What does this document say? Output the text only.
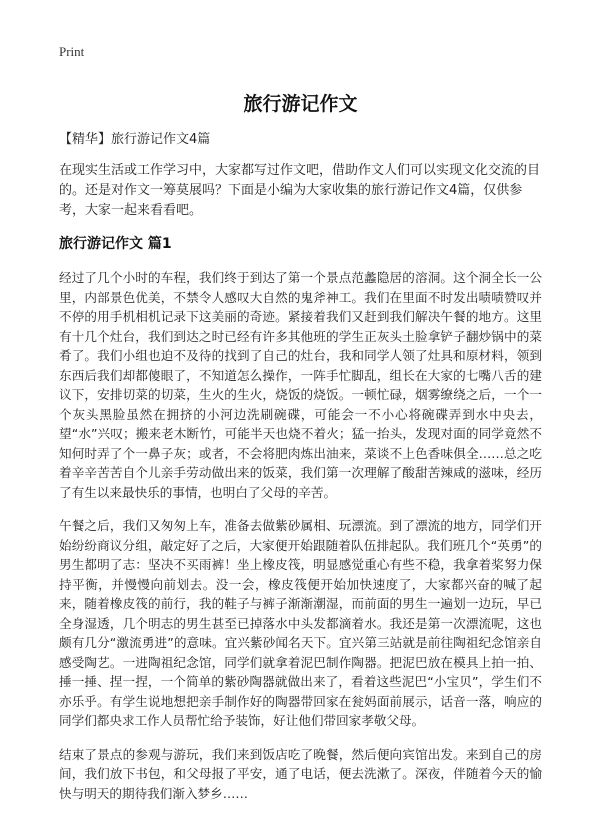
Print
旅行游记作文
【精华】旅行游记作文4篇
在现实生活或工作学习中，大家都写过作文吧，借助作文人们可以实现文化交流的目的。还是对作文一筹莫展吗？下面是小编为大家收集的旅行游记作文4篇，仅供参考，大家一起来看看吧。
旅行游记作文 篇1

经过了几个小时的车程，我们终于到达了第一个景点范蠡隐居的溶洞。这个洞全长一公里，内部景色优美，不禁令人感叹大自然的鬼斧神工。我们在里面不时发出啧啧赞叹并不停的用手机相机记录下这美丽的奇迹。紧接着我们又赶到我们解决午餐的地方。这里有十几个灶台，我们到达之时已经有许多其他班的学生正灰头土脸拿铲子翻炒锅中的菜肴了。我们小组也迫不及待的找到了自己的灶台，我和同学人领了灶具和原材料，领到东西后我们却都傻眼了，不知道怎么操作，一阵手忙脚乱，组长在大家的七嘴八舌的建议下，安排切菜的切菜，生火的生火，烧饭的烧饭。一顿忙碌，烟雾缭绕之后，一个一个灰头黑脸虽然在拥挤的小河边洗刷碗碟，可能会一不小心将碗碟弄到水中央去，望“水”兴叹；搬来老木断竹，可能半天也烧不着火；猛一抬头，发现对面的同学竟然不知何时弄了个一鼻子灰；或者，不会将肥肉炼出油来，菜谈不上色香味俱全……总之吃着辛辛苦苦自个儿亲手劳动做出来的饭菜，我们第一次理解了酸甜苦辣咸的滋味，经历了有生以来最快乐的事情，也明白了父母的辛苦。

午餐之后，我们又匆匆上车，准备去做紫砂属相、玩漂流。到了漂流的地方，同学们开始纷纷商议分组，敲定好了之后，大家便开始跟随着队伍排起队。我们班几个“英勇”的男生都明了志：坚决不买雨裤！坐上橡皮筏，明显感觉重心有些不稳，我拿着桨努力保持平衡，并慢慢向前划去。没一会，橡皮筏便开始加快速度了，大家都兴奋的喊了起来，随着橡皮筏的前行，我的鞋子与裤子渐渐潮湿，而前面的男生一遍划一边玩，早已全身湿透，几个明志的男生甚至已掉落水中头发都滴着水。我还是第一次漂流呢，这也颇有几分“激流勇进”的意味。宜兴紫砂闻名天下。宜兴第三站就是前往陶祖纪念馆亲自感受陶艺。一进陶祖纪念馆，同学们就拿着泥巴制作陶器。把泥巴放在模具上拍一拍、捶一捶、捏一捏，一个简单的紫砂陶器就做出来了，看着这些泥巴“小宝贝”，学生们不亦乐乎。有学生说地想把亲手制作好的陶器带回家在瓮妈面前展示，话音一落，响应的同学们都央求工作人员帮忙给予装饰，好让他们带回家孝敬父母。

结束了景点的参观与游玩，我们来到饭店吃了晚餐，然后便向宾馆出发。来到自己的房间，我们放下书包，和父母报了平安，通了电话，便去洗漱了。深夜，伴随着今天的愉快与明天的期待我们渐入梦乡……
